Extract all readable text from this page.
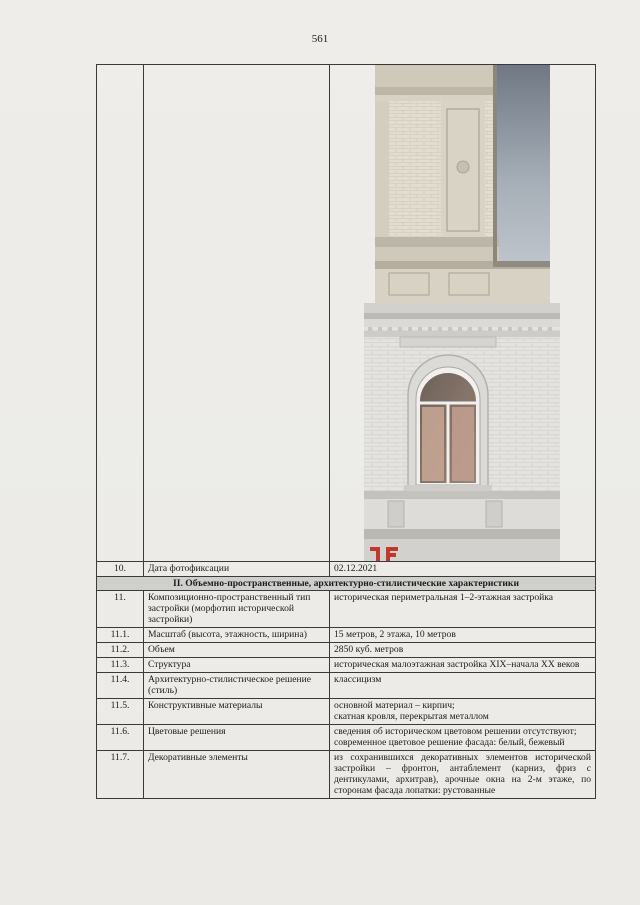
561

10.	Дата фотофиксации	02.12.2021
II. Объемно-пространственные, архитектурно-стилистические характеристики		
11.	Композиционно-пространственный тип застройки (морфотип исторической застройки)	историческая периметральная 1–2-этажная застройка
11.1.	Масштаб (высота, этажность, ширина)	15 метров, 2 этажа, 10 метров
11.2.	Объем	2850 куб. метров
11.3.	Структура	историческая малоэтажная застройка XIX–начала XX веков
11.4.	Архитектурно-стилистическое решение (стиль)	классицизм
11.5.	Конструктивные материалы	основной материал – кирпич;
скатная кровля, перекрытая металлом

11.6.	Цветовые решения	сведения об историческом цветовом решении отсутствуют;
современное цветовое решение фасада: белый, бежевый

11.7.	Декоративные элементы	из сохранившихся декоративных элементов исторической застройки – фронтон, антаблемент (карниз, фриз с дентикулами, архитрав), арочные окна на 2-м этаже, по сторонам фасада лопатки: рустованные
